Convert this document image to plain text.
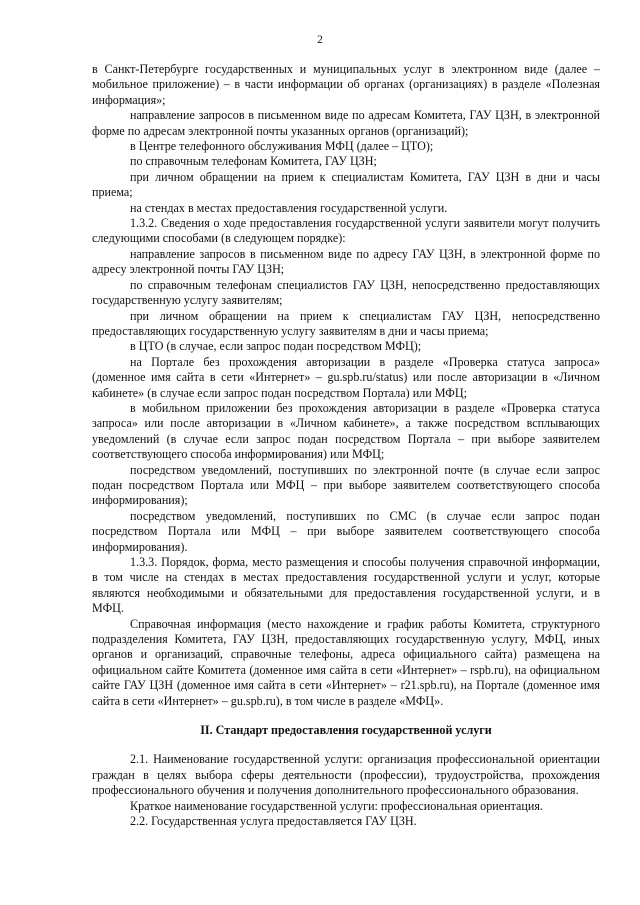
2

в Санкт-Петербурге государственных и муниципальных услуг в электронном виде (далее – мобильное приложение) – в части информации об органах (организациях) в разделе «Полезная информация»;

направление запросов в письменном виде по адресам Комитета, ГАУ ЦЗН, в электронной форме по адресам электронной почты указанных органов (организаций);

в Центре телефонного обслуживания МФЦ (далее – ЦТО);

по справочным телефонам Комитета, ГАУ ЦЗН;

при личном обращении на прием к специалистам Комитета, ГАУ ЦЗН в дни и часы приема;

на стендах в местах предоставления государственной услуги.

1.3.2. Сведения о ходе предоставления государственной услуги заявители могут получить следующими способами (в следующем порядке):

направление запросов в письменном виде по адресу ГАУ ЦЗН, в электронной форме по адресу электронной почты ГАУ ЦЗН;

по справочным телефонам специалистов ГАУ ЦЗН, непосредственно предоставляющих государственную услугу заявителям;

при личном обращении на прием к специалистам ГАУ ЦЗН, непосредственно предоставляющих государственную услугу заявителям в дни и часы приема;

в ЦТО (в случае, если запрос подан посредством МФЦ);

на Портале без прохождения авторизации в разделе «Проверка статуса запроса» (доменное имя сайта в сети «Интернет» – gu.spb.ru/status) или после авторизации в «Личном кабинете» (в случае если запрос подан посредством Портала) или МФЦ;

в мобильном приложении без прохождения авторизации в разделе «Проверка статуса запроса» или после авторизации в «Личном кабинете», а также посредством всплывающих уведомлений (в случае если запрос подан посредством Портала – при выборе заявителем соответствующего способа информирования) или МФЦ;

посредством уведомлений, поступивших по электронной почте (в случае если запрос подан посредством Портала или МФЦ – при выборе заявителем соответствующего способа информирования);

посредством уведомлений, поступивших по СМС (в случае если запрос подан посредством Портала или МФЦ – при выборе заявителем соответствующего способа информирования).

1.3.3. Порядок, форма, место размещения и способы получения справочной информации, в том числе на стендах в местах предоставления государственной услуги и услуг, которые являются необходимыми и обязательными для предоставления государственной услуги, и в МФЦ.

Справочная информация (место нахождение и график работы Комитета, структурного подразделения Комитета, ГАУ ЦЗН, предоставляющих государственную услугу, МФЦ, иных органов и организаций, справочные телефоны, адреса официального сайта) размещена на официальном сайте Комитета (доменное имя сайта в сети «Интернет» – rspb.ru), на официальном сайте ГАУ ЦЗН (доменное имя сайта в сети «Интернет» – r21.spb.ru), на Портале (доменное имя сайта в сети «Интернет» – gu.spb.ru), в том числе в разделе «МФЦ».

II. Стандарт предоставления государственной услуги

2.1. Наименование государственной услуги: организация профессиональной ориентации граждан в целях выбора сферы деятельности (профессии), трудоустройства, прохождения профессионального обучения и получения дополнительного профессионального образования.

Краткое наименование государственной услуги: профессиональная ориентация.

2.2. Государственная услуга предоставляется ГАУ ЦЗН.
